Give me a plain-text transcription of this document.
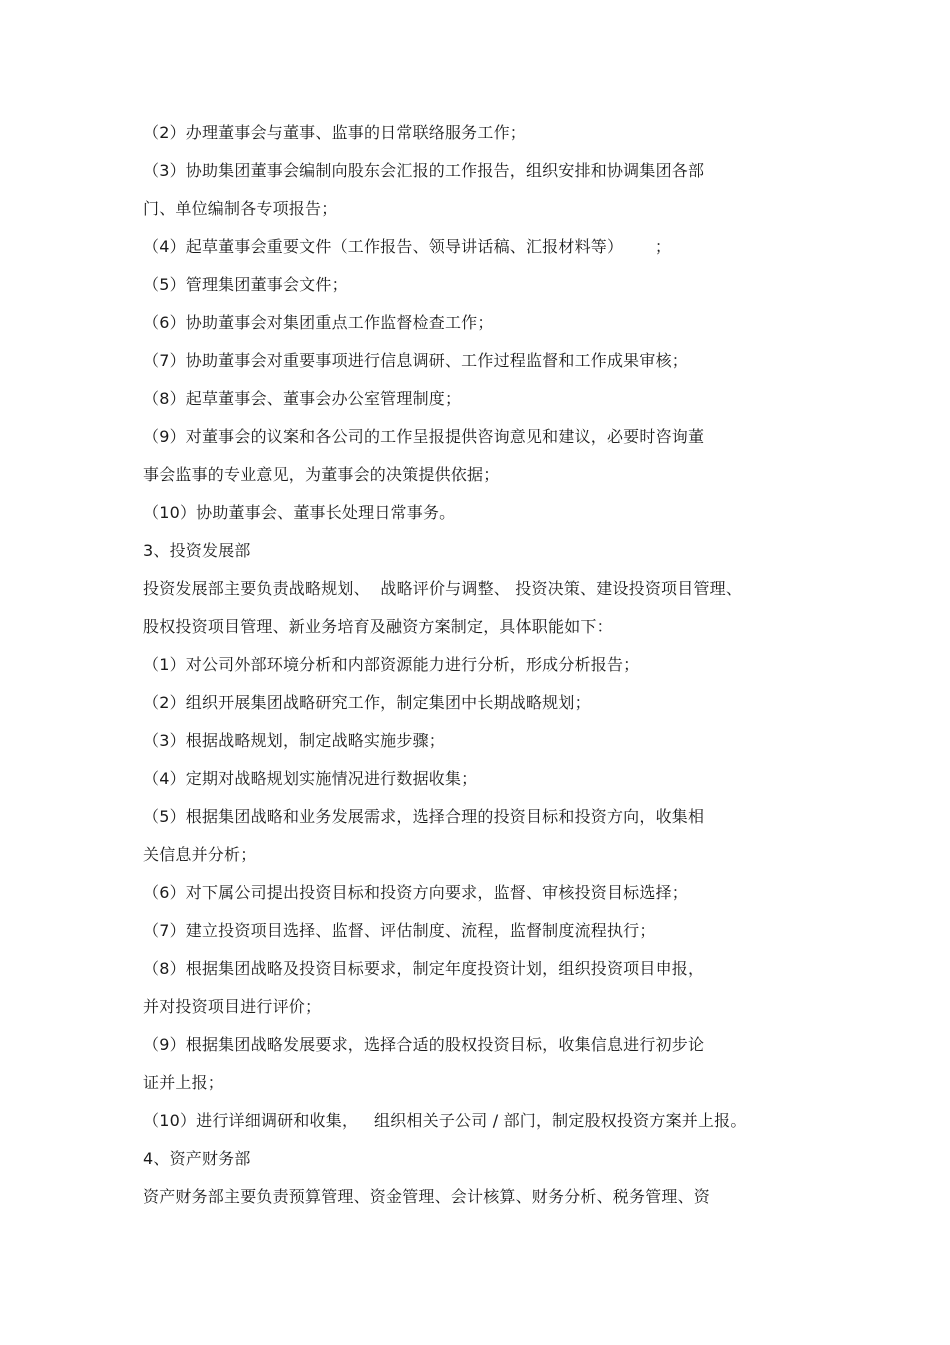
（2）办理董事会与董事、监事的日常联络服务工作；
（3）协助集团董事会编制向股东会汇报的工作报告，组织安排和协调集团各部
门、单位编制各专项报告；
（4）起草董事会重要文件（工作报告、领导讲话稿、汇报材料等）      ；
（5）管理集团董事会文件；
（6）协助董事会对集团重点工作监督检查工作；
（7）协助董事会对重要事项进行信息调研、工作过程监督和工作成果审核；
（8）起草董事会、董事会办公室管理制度；
（9）对董事会的议案和各公司的工作呈报提供咨询意见和建议，必要时咨询董
事会监事的专业意见，为董事会的决策提供依据；
（10）协助董事会、董事长处理日常事务。
3、投资发展部
投资发展部主要负责战略规划、  战略评价与调整、 投资决策、建设投资项目管理、
股权投资项目管理、新业务培育及融资方案制定，具体职能如下：
（1）对公司外部环境分析和内部资源能力进行分析，形成分析报告；
（2）组织开展集团战略研究工作，制定集团中长期战略规划；
（3）根据战略规划，制定战略实施步骤；
（4）定期对战略规划实施情况进行数据收集；
（5）根据集团战略和业务发展需求，选择合理的投资目标和投资方向，收集相
关信息并分析；
（6）对下属公司提出投资目标和投资方向要求，监督、审核投资目标选择；
（7）建立投资项目选择、监督、评估制度、流程，监督制度流程执行；
（8）根据集团战略及投资目标要求，制定年度投资计划，组织投资项目申报，
并对投资项目进行评价；
（9）根据集团战略发展要求，选择合适的股权投资目标，收集信息进行初步论
证并上报；
（10）进行详细调研和收集，   组织相关子公司 / 部门，制定股权投资方案并上报。
4、资产财务部
资产财务部主要负责预算管理、资金管理、会计核算、财务分析、税务管理、资
